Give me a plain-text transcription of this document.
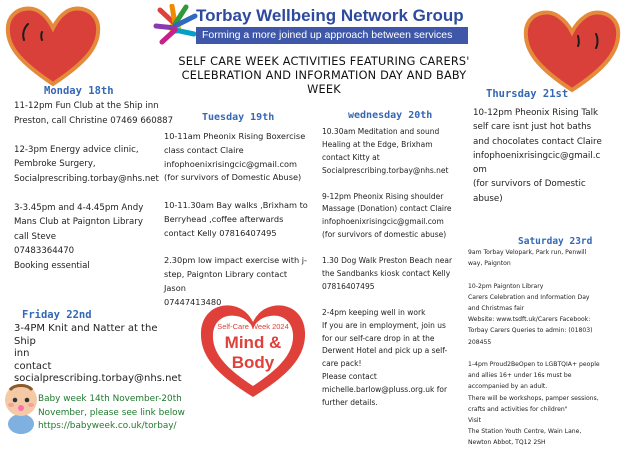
Torbay Wellbeing Network Group
Forming a more joined up approach between services
SELF CARE WEEK ACTIVITIES FEATURING CARERS'
CELEBRATION AND INFORMATION DAY AND BABY
WEEK
Monday 18th
11-12pm Fun Club at the Ship inn
Preston, call Christine 07469 660887

12-3pm Energy advice clinic,
Pembroke Surgery,
Socialprescribing.torbay@nhs.net

3-3.45pm and 4-4.45pm Andy
Mans Club at Paignton Library
call Steve
07483364470
Booking essential
Tuesday 19th
10-11am Pheonix Rising Boxercise
class contact Claire
infophoenixrisingcic@gmail.com
(for survivors of Domestic Abuse)

10-11.30am Bay walks ,Brixham to
Berryhead ,coffee afterwards
contact Kelly 07816407495

2.30pm low impact exercise with j-
step, Paignton Library contact
Jason
07447413480
wednesday 20th
10.30am Meditation and sound
Healing at the Edge, Brixham
contact Kitty at
Socialprescribing.torbay@nhs.net

9-12pm Pheonix Rising shoulder
Massage (Donation) contact Claire
infophoenixrisingcic@gmail.com
(for survivors of domestic abuse)

1.30 Dog Walk Preston Beach near
the Sandbanks kiosk contact Kelly
07816407495

2-4pm keeping well in work
If you are in employment, join us
for our self-care drop in at the
Derwent Hotel and pick up a self-
care pack!
Please contact
michelle.barlow@pluss.org.uk for
further details.
Thursday 21st
10-12pm Pheonix Rising Talk
self care isnt just hot baths
and chocolates contact Claire
infophoenixrisingcic@gmail.c
om
(for survivors of Domestic
abuse)
Saturday 23rd
9am Torbay Velopark, Park run, Penwill
way, Paignton

10-2pm Paignton Library
Carers Celebration and Information Day
and Christmas fair
Website: www.tsdft.uk/Carers Facebook:
Torbay Carers Queries to admin: (01803)
208455

1-4pm Proud2BeOpen to LGBTQIA+ people
and allies 16+ under 16s must be
accompanied by an adult.
There will be workshops, pamper sessions,
crafts and activities for children"
Visit
The Station Youth Centre, Wain Lane,
Newton Abbot, TQ12 2SH
Friday 22nd
3-4PM Knit and Natter at the
Ship
inn
contact
socialprescribing.torbay@nhs.net
Baby week 14th November-20th
November, please see link below
https://babyweek.co.uk/torbay/
Self-Care Week 2024
Mind &
Body
